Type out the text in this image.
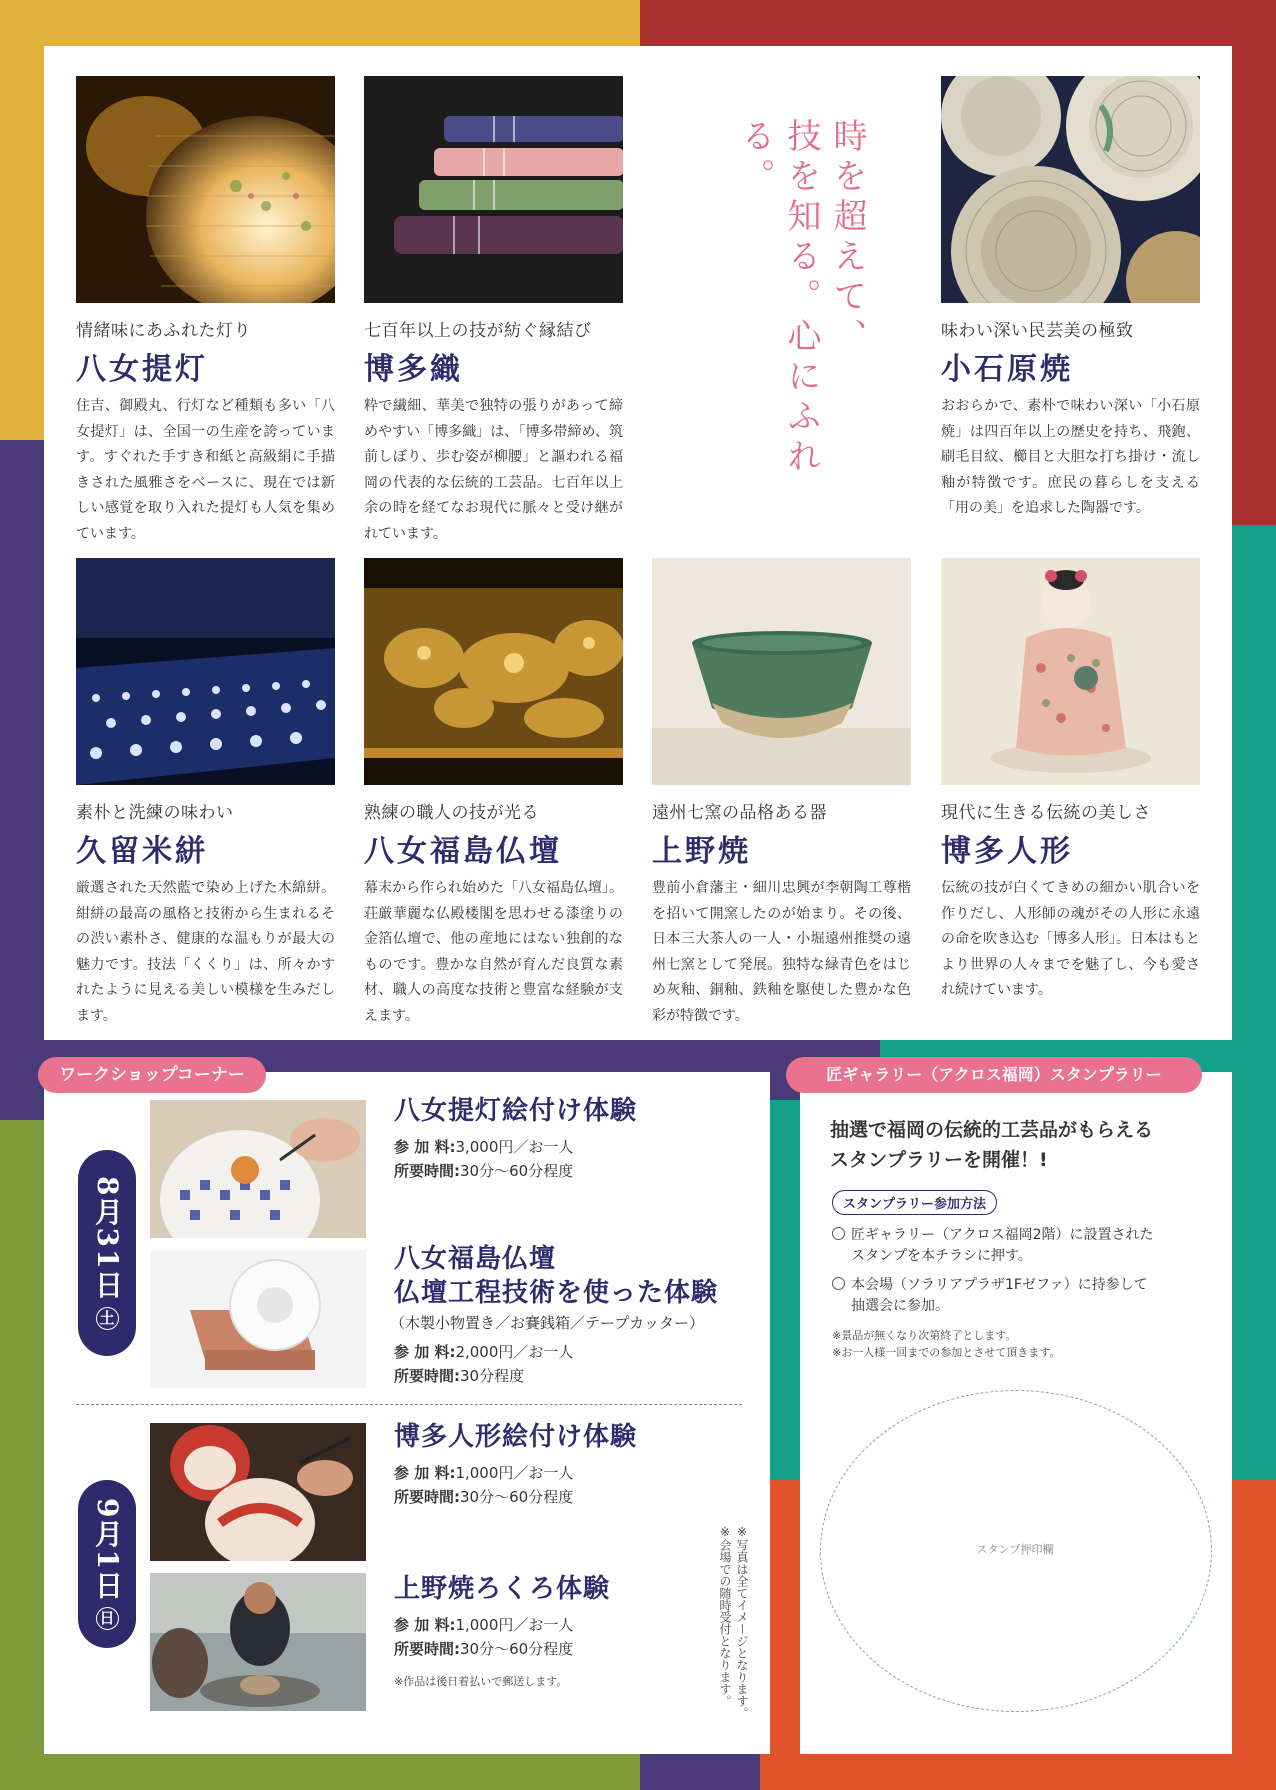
時を超えて、
技を知る。心にふれる。
情緒味にあふれた灯り
八女提灯
住吉、御殿丸、行灯など種類も多い「八女提灯」は、全国一の生産を誇っています。すぐれた手すき和紙と高級絹に手描きされた風雅さをベースに、現在では新しい感覚を取り入れた提灯も人気を集めています。
七百年以上の技が紡ぐ縁結び
博多織
粋で繊細、華美で独特の張りがあって締めやすい「博多織」は、「博多帯締め、筑前しぼり、歩む姿が柳腰」と謳われる福岡の代表的な伝統的工芸品。七百年以上余の時を経てなお現代に脈々と受け継がれています。
味わい深い民芸美の極致
小石原焼
おおらかで、素朴で味わい深い「小石原焼」は四百年以上の歴史を持ち、飛鉋、刷毛目紋、櫛目と大胆な打ち掛け・流し釉が特徴です。庶民の暮らしを支える「用の美」を追求した陶器です。
素朴と洗練の味わい
久留米絣
厳選された天然藍で染め上げた木綿絣。紺絣の最高の風格と技術から生まれるその渋い素朴さ、健康的な温もりが最大の魅力です。技法「くくり」は、所々かすれたように見える美しい模様を生みだします。
熟練の職人の技が光る
八女福島仏壇
幕末から作られ始めた「八女福島仏壇」。荘厳華麗な仏殿楼閣を思わせる漆塗りの金箔仏壇で、他の産地にはない独創的なものです。豊かな自然が育んだ良質な素材、職人の高度な技術と豊富な経験が支えます。
遠州七窯の品格ある器
上野焼
豊前小倉藩主・細川忠興が李朝陶工尊楷を招いて開窯したのが始まり。その後、日本三大茶人の一人・小堀遠州推奨の遠州七窯として発展。独特な緑青色をはじめ灰釉、銅釉、鉄釉を駆使した豊かな色彩が特徴です。
現代に生きる伝統の美しさ
博多人形
伝統の技が白くてきめの細かい肌合いを作りだし、人形師の魂がその人形に永遠の命を吹き込む「博多人形」。日本はもとより世界の人々までを魅了し、今も愛され続けています。
ワークショップコーナー
8月31日
土
9月1日
日
八女提灯絵付け体験
参 加 料:3,000円／お一人
所要時間:30分～60分程度
八女福島仏壇
仏壇工程技術を使った体験
（木製小物置き／お賽銭箱／テープカッター）
参 加 料:2,000円／お一人
所要時間:30分程度
博多人形絵付け体験
参 加 料:1,000円／お一人
所要時間:30分～60分程度
上野焼ろくろ体験
参 加 料:1,000円／お一人
所要時間:30分～60分程度
※作品は後日着払いで郵送します。	※写真は全てイメージとなります。
※会場での随時受付となります。
匠ギャラリー（アクロス福岡）スタンプラリー
抽選で福岡の伝統的工芸品がもらえる
スタンプラリーを開催！!
スタンプラリー参加方法
匠ギャラリー（アクロス福岡2階）に設置された
スタンプを本チラシに押す。
本会場（ソラリアプラザ1Fゼファ）に持参して
抽選会に参加。
※景品が無くなり次第終了とします。
※お一人様一回までの参加とさせて頂きます。
スタンプ押印欄
